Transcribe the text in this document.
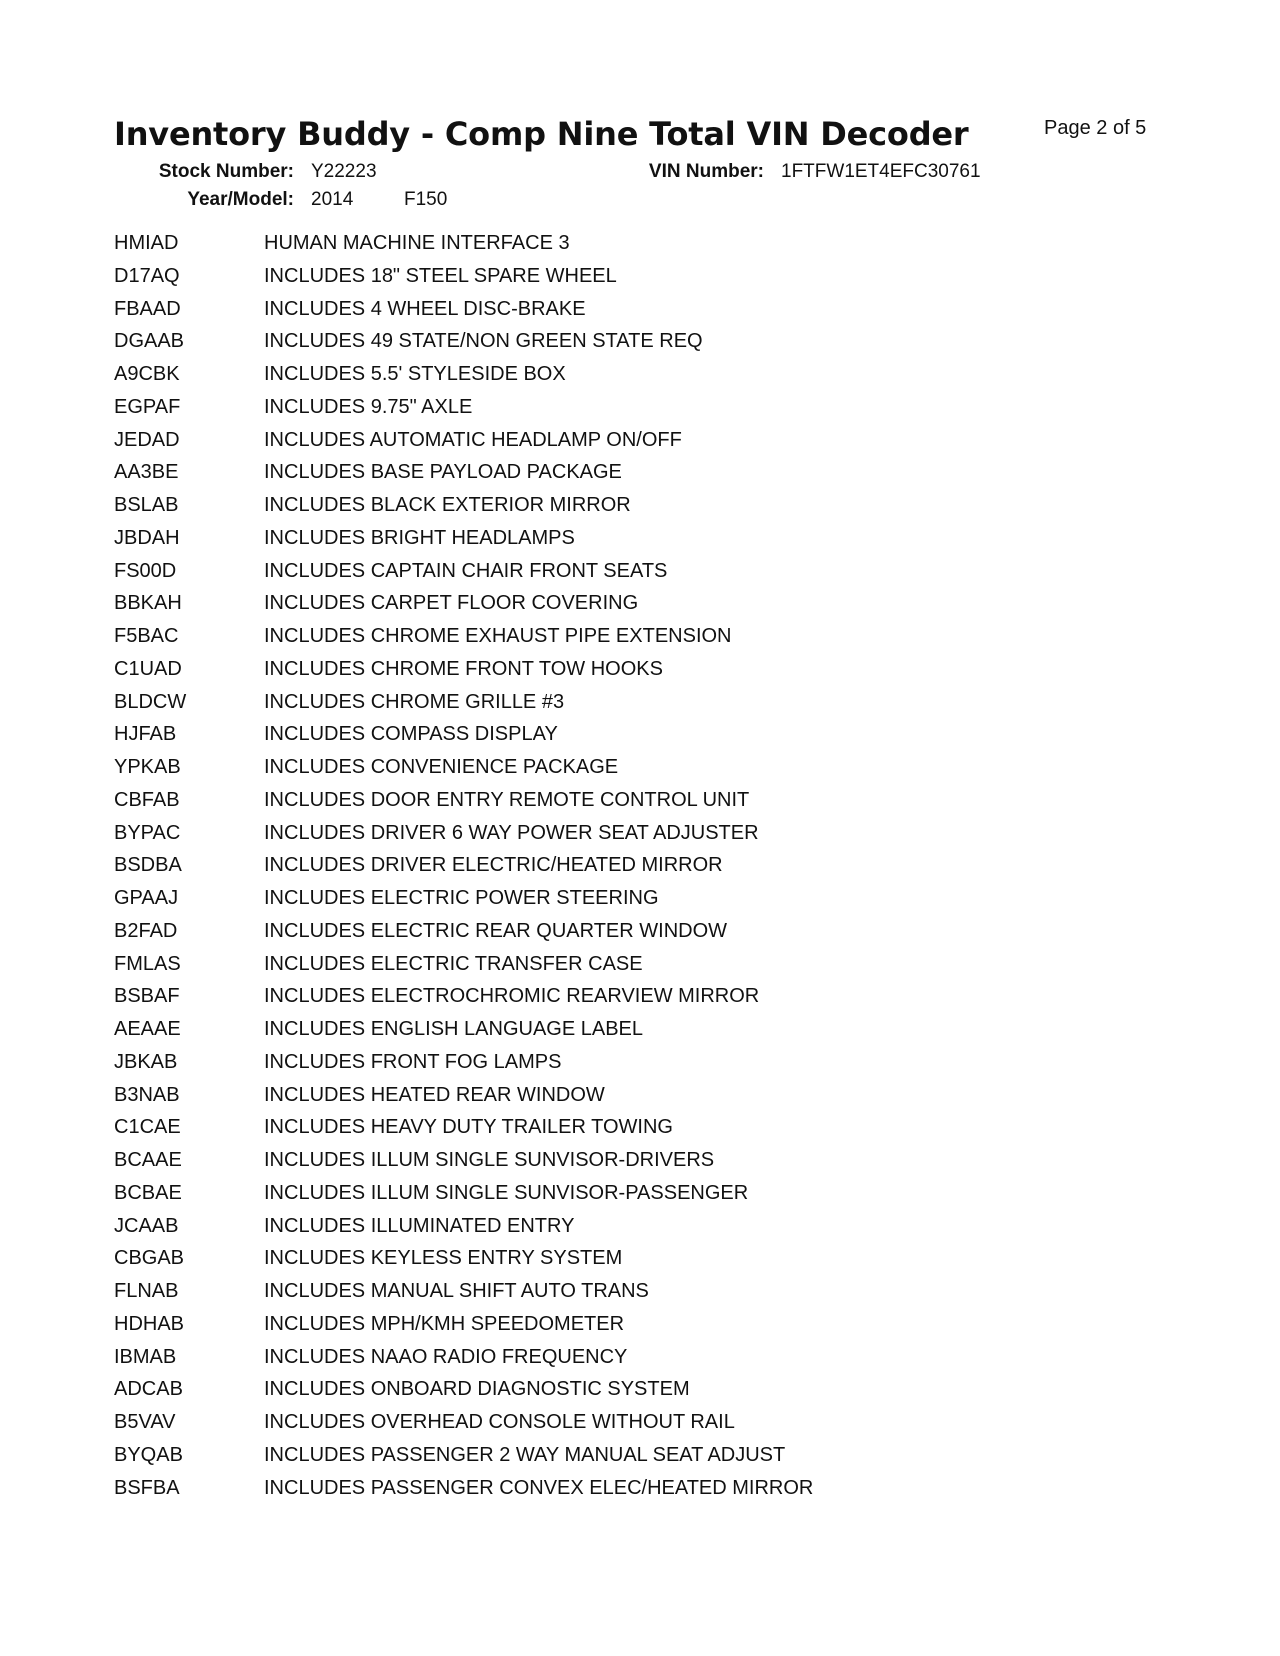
Inventory Buddy - Comp Nine Total VIN Decoder	Page 2 of 5
Stock Number: Y22223	VIN Number: 1FTFW1ET4EFC30761
Year/Model: 2014	F150
HMIAD	HUMAN MACHINE INTERFACE 3
D17AQ	INCLUDES 18" STEEL SPARE WHEEL
FBAAD	INCLUDES 4 WHEEL DISC-BRAKE
DGAAB	INCLUDES 49 STATE/NON GREEN STATE REQ
A9CBK	INCLUDES 5.5' STYLESIDE BOX
EGPAF	INCLUDES 9.75" AXLE
JEDAD	INCLUDES AUTOMATIC HEADLAMP ON/OFF
AA3BE	INCLUDES BASE PAYLOAD PACKAGE
BSLAB	INCLUDES BLACK EXTERIOR MIRROR
JBDAH	INCLUDES BRIGHT HEADLAMPS
FS00D	INCLUDES CAPTAIN CHAIR FRONT SEATS
BBKAH	INCLUDES CARPET FLOOR COVERING
F5BAC	INCLUDES CHROME EXHAUST PIPE EXTENSION
C1UAD	INCLUDES CHROME FRONT TOW HOOKS
BLDCW	INCLUDES CHROME GRILLE #3
HJFAB	INCLUDES COMPASS DISPLAY
YPKAB	INCLUDES CONVENIENCE PACKAGE
CBFAB	INCLUDES DOOR ENTRY REMOTE CONTROL UNIT
BYPAC	INCLUDES DRIVER 6 WAY POWER SEAT ADJUSTER
BSDBA	INCLUDES DRIVER ELECTRIC/HEATED MIRROR
GPAAJ	INCLUDES ELECTRIC POWER STEERING
B2FAD	INCLUDES ELECTRIC REAR QUARTER WINDOW
FMLAS	INCLUDES ELECTRIC TRANSFER CASE
BSBAF	INCLUDES ELECTROCHROMIC REARVIEW MIRROR
AEAAE	INCLUDES ENGLISH LANGUAGE LABEL
JBKAB	INCLUDES FRONT FOG LAMPS
B3NAB	INCLUDES HEATED REAR WINDOW
C1CAE	INCLUDES HEAVY DUTY TRAILER TOWING
BCAAE	INCLUDES ILLUM SINGLE SUNVISOR-DRIVERS
BCBAE	INCLUDES ILLUM SINGLE SUNVISOR-PASSENGER
JCAAB	INCLUDES ILLUMINATED ENTRY
CBGAB	INCLUDES KEYLESS ENTRY SYSTEM
FLNAB	INCLUDES MANUAL SHIFT AUTO TRANS
HDHAB	INCLUDES MPH/KMH SPEEDOMETER
IBMAB	INCLUDES NAAO RADIO FREQUENCY
ADCAB	INCLUDES ONBOARD DIAGNOSTIC SYSTEM
B5VAV	INCLUDES OVERHEAD CONSOLE WITHOUT RAIL
BYQAB	INCLUDES PASSENGER 2 WAY MANUAL SEAT ADJUST
BSFBA	INCLUDES PASSENGER CONVEX ELEC/HEATED MIRROR
